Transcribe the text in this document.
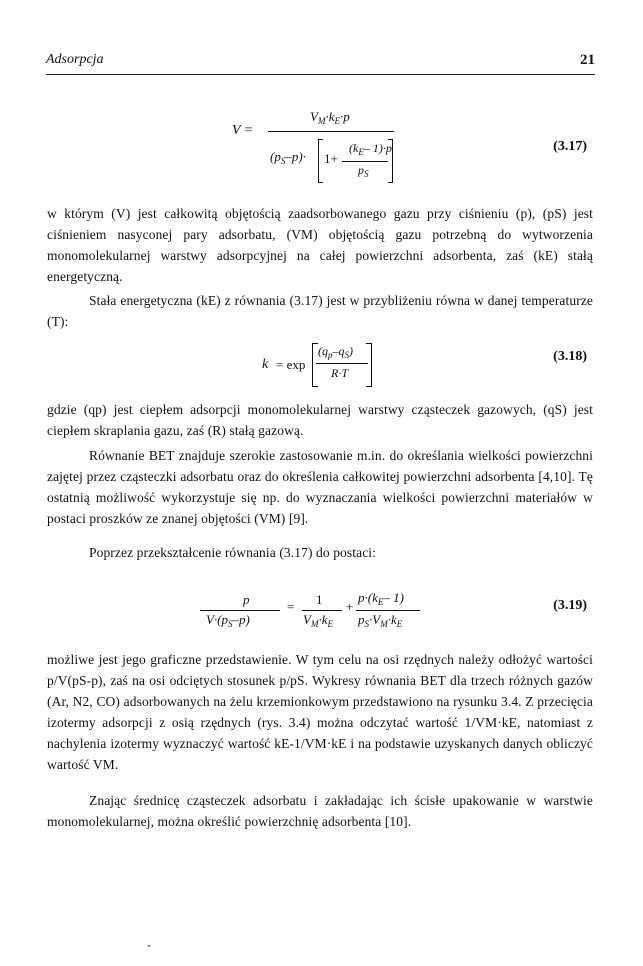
Adsorpcja	21
V =
$V_M\cdot k_E\cdot p$
$(p_S-p)\cdot 1+$
($k_E-$ 1)·p
$p_S$
(3.17)
w którym (V) jest całkowitą objętością zaadsorbowanego gazu przy ciśnieniu (p), (pS) jest ciśnieniem nasyconej pary adsorbatu, (VM) objętością gazu potrzebną do wytworzenia monomolekularnej warstwy adsorpcyjnej na całej powierzchni adsorbenta, zaś (kE) stałą energetyczną.
Stała energetyczna (kE) z równania (3.17) jest w przybliżeniu równa w danej temperaturze (T):
k = exp
$(q_p-q_S)$
R·T
(3.18)
gdzie (qp) jest ciepłem adsorpcji monomolekularnej warstwy cząsteczek gazowych, (qS) jest ciepłem skraplania gazu, zaś (R) stałą gazową.
Równanie BET znajduje szerokie zastosowanie m.in. do określania wielkości powierzchni zajętej przez cząsteczki adsorbatu oraz do określenia całkowitej powierzchni adsorbenta [4,10]. Tę ostatnią możliwość wykorzystuje się np. do wyznaczania wielkości powierzchni materiałów w postaci proszków ze znanej objętości (VM) [9].
Poprzez przekształcenie równania (3.17) do postaci:
p
$V\cdot(p_S-p)$
= 1
$V_M\cdot k_E$
+
$p\cdot(k_E-$ 1)
$p_S\cdot V_M\cdot k_E$
(3.19)
możliwe jest jego graficzne przedstawienie. W tym celu na osi rzędnych należy odłożyć wartości p/V(pS-p), zaś na osi odciętych stosunek p/pS. Wykresy równania BET dla trzech różnych gazów (Ar, N2, CO) adsorbowanych na żelu krzemionkowym przedstawiono na rysunku 3.4. Z przecięcia izotermy adsorpcji z osią rzędnych (rys. 3.4) można odczytać wartość 1/VM·kE, natomiast z nachylenia izotermy wyznaczyć wartość kE-1/VM·kE i na podstawie uzyskanych danych obliczyć wartość VM.
Znając średnicę cząsteczek adsorbatu i zakładając ich ścisłe upakowanie w warstwie monomolekularnej, można określić powierzchnię adsorbenta [10].
